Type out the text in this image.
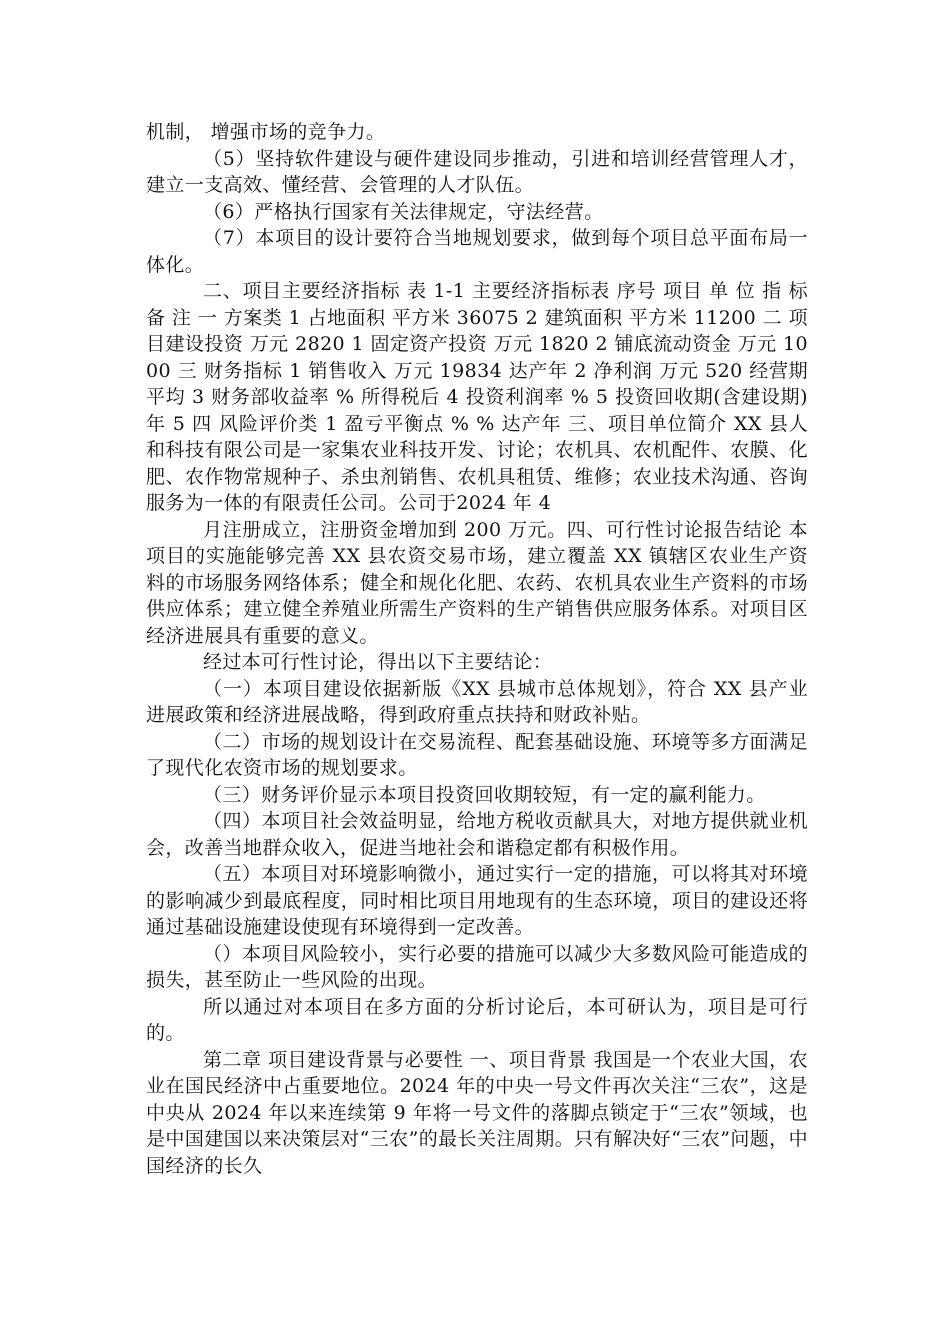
机制， 增强市场的竞争力。

（5）坚持软件建设与硬件建设同步推动，引进和培训经营管理人才，建立一支高效、懂经营、会管理的人才队伍。

（6）严格执行国家有关法律规定，守法经营。

（7）本项目的设计要符合当地规划要求，做到每个项目总平面布局一体化。

二、项目主要经济指标 表 1-1 主要经济指标表 序号 项目 单 位 指 标 备 注 一 方案类 1 占地面积 平方米 36075 2 建筑面积 平方米 11200 二 项目建设投资 万元 2820 1 固定资产投资 万元 1820 2 铺底流动资金 万元 1000 三 财务指标 1 销售收入 万元 19834 达产年 2 净利润 万元 520 经营期平均 3 财务部收益率 % 所得税后 4 投资利润率 % 5 投资回收期(含建设期) 年 5 四 风险评价类 1 盈亏平衡点 % % 达产年 三、项目单位简介 XX 县人和科技有限公司是一家集农业科技开发、讨论；农机具、农机配件、农膜、化肥、农作物常规种子、杀虫剂销售、农机具租赁、维修；农业技术沟通、咨询服务为一体的有限责任公司。公司于2024 年 4

月注册成立，注册资金增加到 200 万元。四、可行性讨论报告结论 本项目的实施能够完善 XX 县农资交易市场，建立覆盖 XX 镇辖区农业生产资料的市场服务网络体系；健全和规化化肥、农药、农机具农业生产资料的市场供应体系；建立健全养殖业所需生产资料的生产销售供应服务体系。对项目区经济进展具有重要的意义。

经过本可行性讨论，得出以下主要结论：

（一）本项目建设依据新版《XX 县城市总体规划》，符合 XX 县产业进展政策和经济进展战略，得到政府重点扶持和财政补贴。

（二）市场的规划设计在交易流程、配套基础设施、环境等多方面满足了现代化农资市场的规划要求。

（三）财务评价显示本项目投资回收期较短，有一定的赢利能力。

（四）本项目社会效益明显，给地方税收贡献具大，对地方提供就业机会，改善当地群众收入，促进当地社会和谐稳定都有积极作用。

（五）本项目对环境影响微小，通过实行一定的措施，可以将其对环境的影响减少到最底程度，同时相比项目用地现有的生态环境，项目的建设还将通过基础设施建设使现有环境得到一定改善。

（）本项目风险较小，实行必要的措施可以减少大多数风险可能造成的损失，甚至防止一些风险的出现。

所以通过对本项目在多方面的分析讨论后，本可研认为，项目是可行的。

第二章 项目建设背景与必要性 一、项目背景 我国是一个农业大国，农业在国民经济中占重要地位。2024 年的中央一号文件再次关注“三农”，这是中央从 2024 年以来连续第 9 年将一号文件的落脚点锁定于“三农”领域，也是中国建国以来决策层对“三农”的最长关注周期。只有解决好“三农”问题，中国经济的长久
